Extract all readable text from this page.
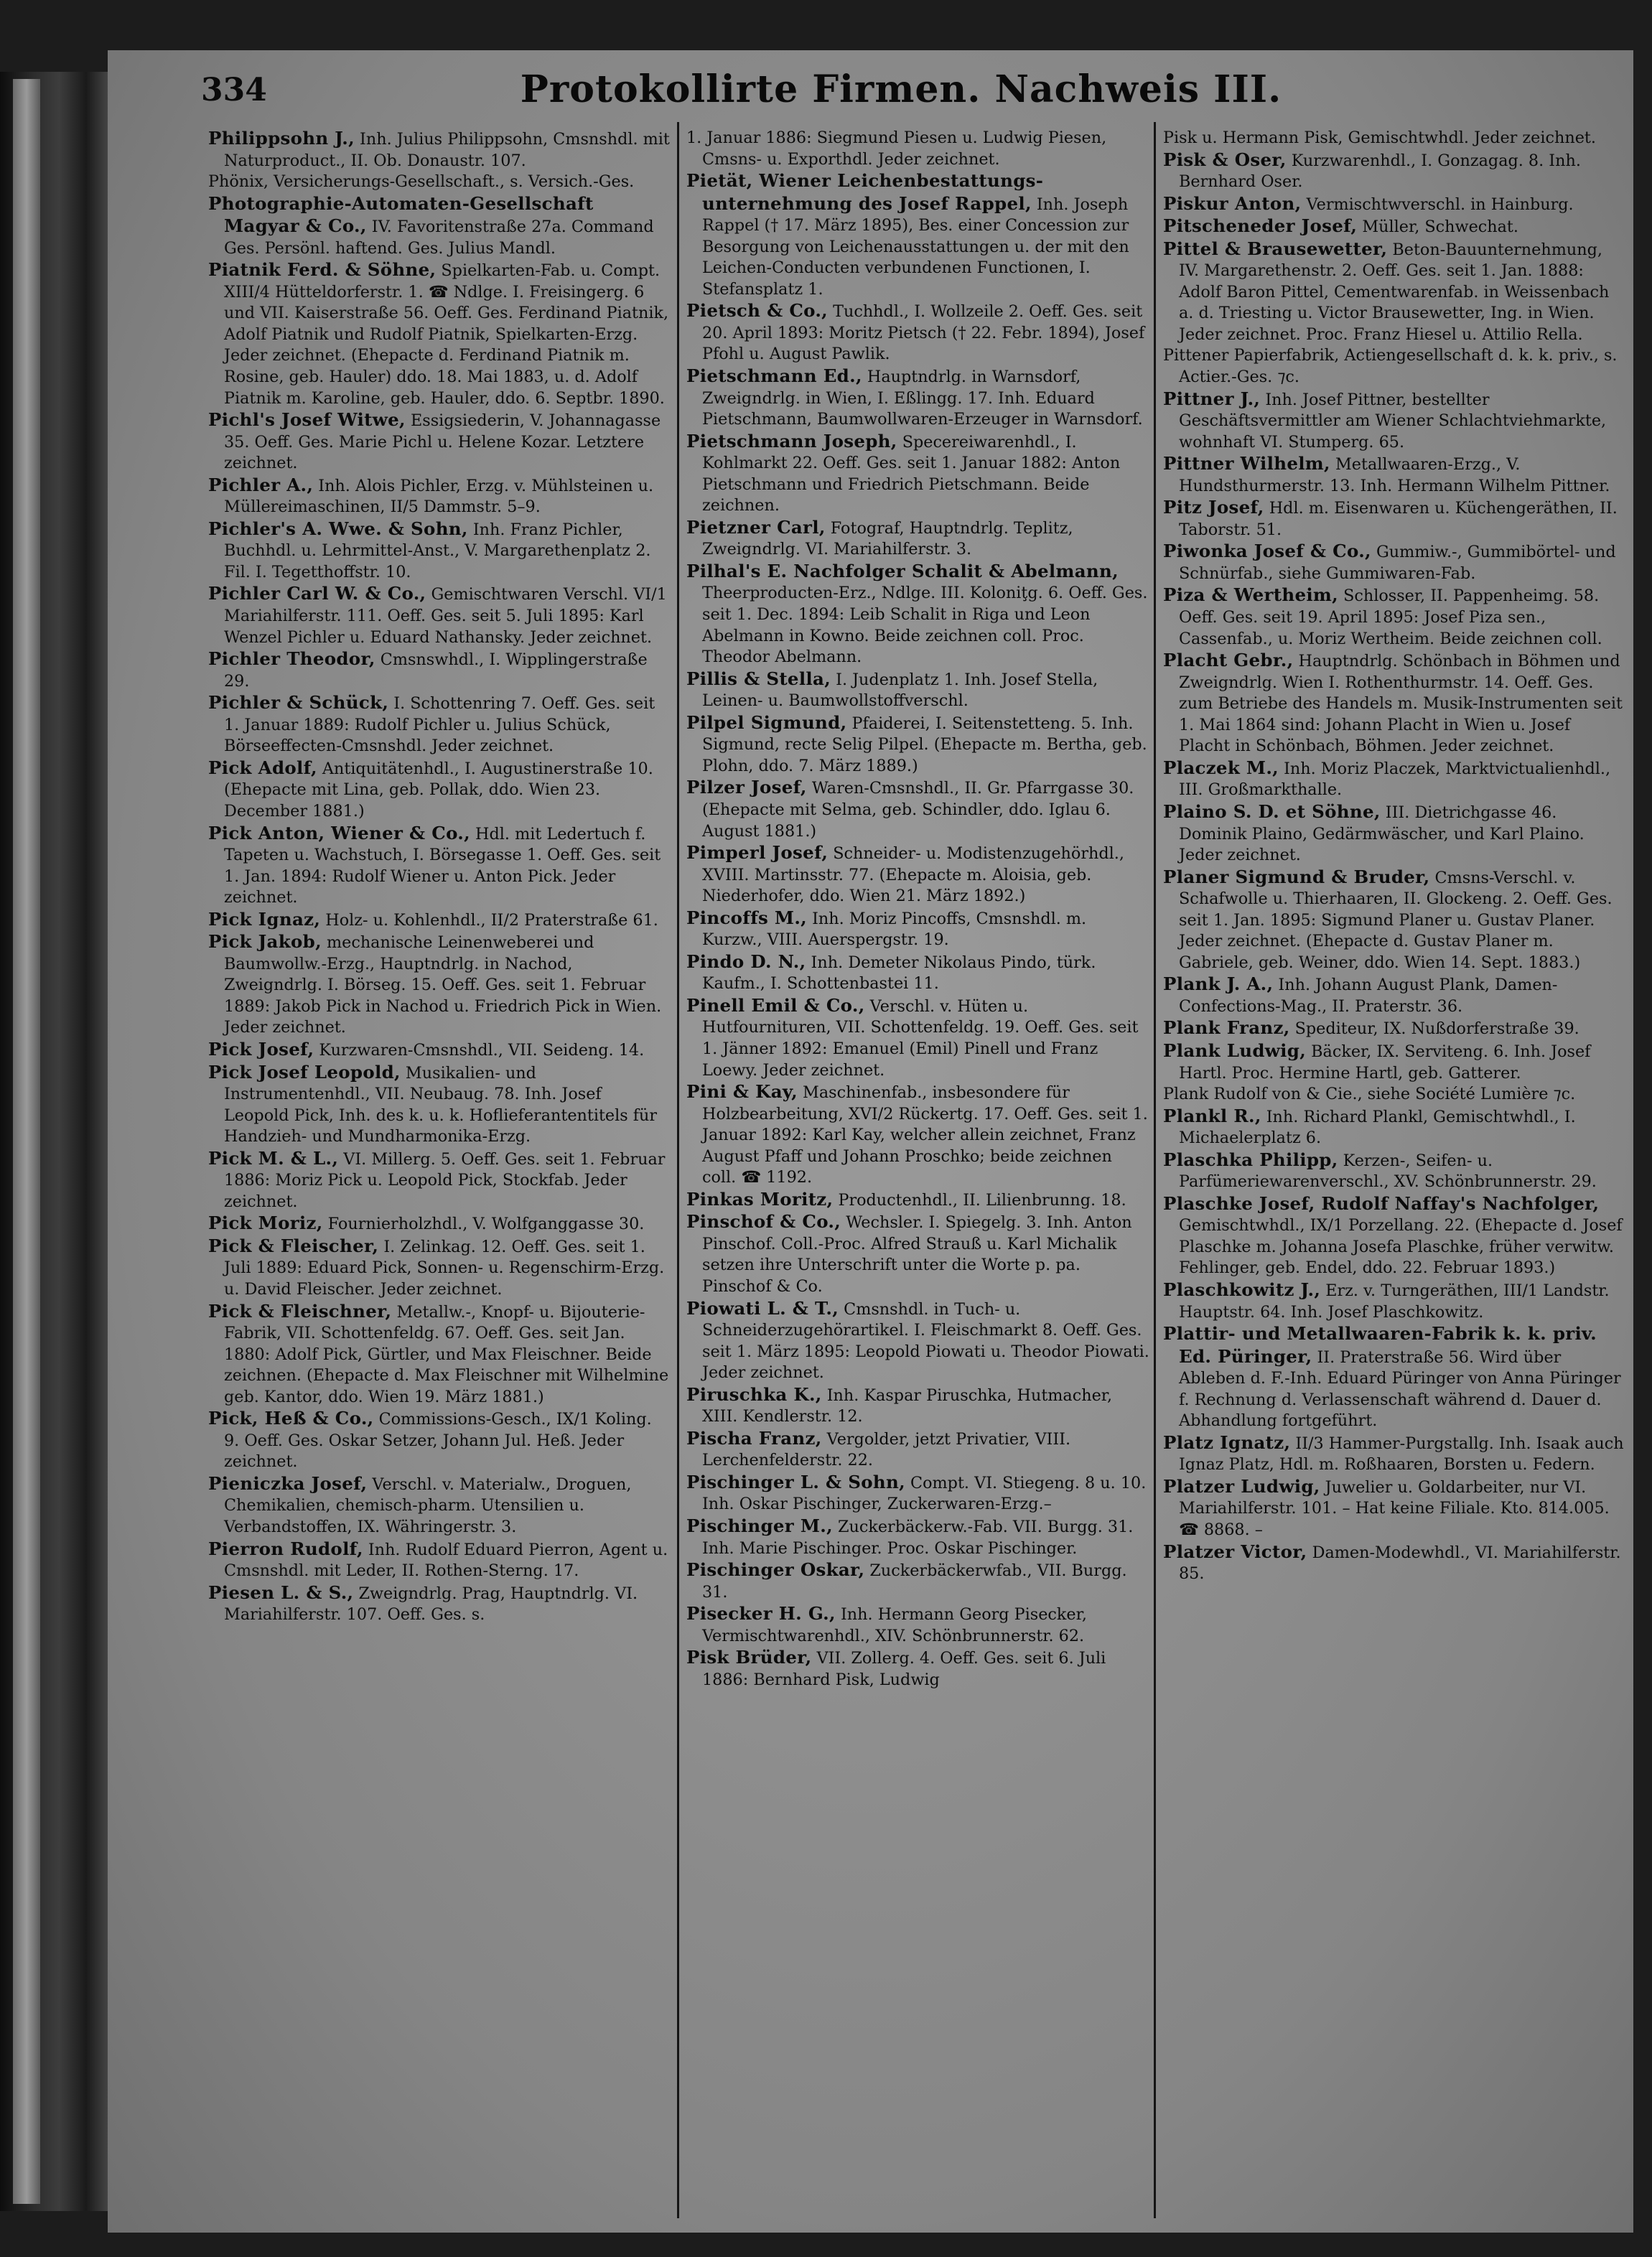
334	Protokollirte Firmen. Nachweis III.

Philippsohn J., Inh. Julius Philippsohn, Cmsnshdl. mit Naturproduct., II. Ob. Donaustr. 107.

Phönix, Versicherungs-Gesellschaft., s. Versich.-Ges.

Photographie-Automaten-Gesellschaft Magyar & Co., IV. Favoritenstraße 27a. Command Ges. Persönl. haftend. Ges. Julius Mandl.

Piatnik Ferd. & Söhne, Spielkarten-Fab. u. Compt. XIII/4 Hütteldorferstr. 1. ☎ Ndlge. I. Freisingerg. 6 und VII. Kaiserstraße 56. Oeff. Ges. Ferdinand Piatnik, Adolf Piatnik und Rudolf Piatnik, Spielkarten-Erzg. Jeder zeichnet. (Ehepacte d. Ferdinand Piatnik m. Rosine, geb. Hauler) ddo. 18. Mai 1883, u. d. Adolf Piatnik m. Karoline, geb. Hauler, ddo. 6. Septbr. 1890.

Pichl's Josef Witwe, Essigsiederin, V. Johannagasse 35. Oeff. Ges. Marie Pichl u. Helene Kozar. Letztere zeichnet.

Pichler A., Inh. Alois Pichler, Erzg. v. Mühlsteinen u. Müllereimaschinen, II/5 Dammstr. 5–9.

Pichler's A. Wwe. & Sohn, Inh. Franz Pichler, Buchhdl. u. Lehrmittel-Anst., V. Margarethenplatz 2. Fil. I. Tegetthoffstr. 10.

Pichler Carl W. & Co., Gemischtwaren Verschl. VI/1 Mariahilferstr. 111. Oeff. Ges. seit 5. Juli 1895: Karl Wenzel Pichler u. Eduard Nathansky. Jeder zeichnet.

Pichler Theodor, Cmsnswhdl., I. Wipplingerstraße 29.

Pichler & Schück, I. Schottenring 7. Oeff. Ges. seit 1. Januar 1889: Rudolf Pichler u. Julius Schück, Börseeffecten-Cmsnshdl. Jeder zeichnet.

Pick Adolf, Antiquitätenhdl., I. Augustinerstraße 10. (Ehepacte mit Lina, geb. Pollak, ddo. Wien 23. December 1881.)

Pick Anton, Wiener & Co., Hdl. mit Ledertuch f. Tapeten u. Wachstuch, I. Börsegasse 1. Oeff. Ges. seit 1. Jan. 1894: Rudolf Wiener u. Anton Pick. Jeder zeichnet.

Pick Ignaz, Holz- u. Kohlenhdl., II/2 Praterstraße 61.

Pick Jakob, mechanische Leinenweberei und Baumwollw.-Erzg., Hauptndrlg. in Nachod, Zweigndrlg. I. Börseg. 15. Oeff. Ges. seit 1. Februar 1889: Jakob Pick in Nachod u. Friedrich Pick in Wien. Jeder zeichnet.

Pick Josef, Kurzwaren-Cmsnshdl., VII. Seideng. 14.

Pick Josef Leopold, Musikalien- und Instrumentenhdl., VII. Neubaug. 78. Inh. Josef Leopold Pick, Inh. des k. u. k. Hoflieferantentitels für Handzieh- und Mundharmonika-Erzg.

Pick M. & L., VI. Millerg. 5. Oeff. Ges. seit 1. Februar 1886: Moriz Pick u. Leopold Pick, Stockfab. Jeder zeichnet.

Pick Moriz, Fournierholzhdl., V. Wolfganggasse 30.

Pick & Fleischer, I. Zelinkag. 12. Oeff. Ges. seit 1. Juli 1889: Eduard Pick, Sonnen- u. Regenschirm-Erzg. u. David Fleischer. Jeder zeichnet.

Pick & Fleischner, Metallw.-, Knopf- u. Bijouterie-Fabrik, VII. Schottenfeldg. 67. Oeff. Ges. seit Jan. 1880: Adolf Pick, Gürtler, und Max Fleischner. Beide zeichnen. (Ehepacte d. Max Fleischner mit Wilhelmine geb. Kantor, ddo. Wien 19. März 1881.)

Pick, Heß & Co., Commissions-Gesch., IX/1 Koling. 9. Oeff. Ges. Oskar Setzer, Johann Jul. Heß. Jeder zeichnet.

Pieniczka Josef, Verschl. v. Materialw., Droguen, Chemikalien, chemisch-pharm. Utensilien u. Verbandstoffen, IX. Währingerstr. 3.

Pierron Rudolf, Inh. Rudolf Eduard Pierron, Agent u. Cmsnshdl. mit Leder, II. Rothen-Sterng. 17.

Piesen L. & S., Zweigndrlg. Prag, Hauptndrlg. VI. Mariahilferstr. 107. Oeff. Ges. s.

1. Januar 1886: Siegmund Piesen u. Ludwig Piesen, Cmsns- u. Exporthdl. Jeder zeichnet.

Pietät, Wiener Leichenbestattungs-unternehmung des Josef Rappel, Inh. Joseph Rappel († 17. März 1895), Bes. einer Concession zur Besorgung von Leichenausstattungen u. der mit den Leichen-Conducten verbundenen Functionen, I. Stefansplatz 1.

Pietsch & Co., Tuchhdl., I. Wollzeile 2. Oeff. Ges. seit 20. April 1893: Moritz Pietsch († 22. Febr. 1894), Josef Pfohl u. August Pawlik.

Pietschmann Ed., Hauptndrlg. in Warnsdorf, Zweigndrlg. in Wien, I. Eßlingg. 17. Inh. Eduard Pietschmann, Baumwollwaren-Erzeuger in Warnsdorf.

Pietschmann Joseph, Specereiwarenhdl., I. Kohlmarkt 22. Oeff. Ges. seit 1. Januar 1882: Anton Pietschmann und Friedrich Pietschmann. Beide zeichnen.

Pietzner Carl, Fotograf, Hauptndrlg. Teplitz, Zweigndrlg. VI. Mariahilferstr. 3.

Pilhal's E. Nachfolger Schalit & Abelmann, Theerproducten-Erz., Ndlge. III. Koloniţg. 6. Oeff. Ges. seit 1. Dec. 1894: Leib Schalit in Riga und Leon Abelmann in Kowno. Beide zeichnen coll. Proc. Theodor Abelmann.

Pillis & Stella, I. Judenplatz 1. Inh. Josef Stella, Leinen- u. Baumwollstoffverschl.

Pilpel Sigmund, Pfaiderei, I. Seitenstetteng. 5. Inh. Sigmund, recte Selig Pilpel. (Ehepacte m. Bertha, geb. Plohn, ddo. 7. März 1889.)

Pilzer Josef, Waren-Cmsnshdl., II. Gr. Pfarrgasse 30. (Ehepacte mit Selma, geb. Schindler, ddo. Iglau 6. August 1881.)

Pimperl Josef, Schneider- u. Modistenzugehörhdl., XVIII. Martinsstr. 77. (Ehepacte m. Aloisia, geb. Niederhofer, ddo. Wien 21. März 1892.)

Pincoffs M., Inh. Moriz Pincoffs, Cmsnshdl. m. Kurzw., VIII. Auerspergstr. 19.

Pindo D. N., Inh. Demeter Nikolaus Pindo, türk. Kaufm., I. Schottenbastei 11.

Pinell Emil & Co., Verschl. v. Hüten u. Hutfournituren, VII. Schottenfeldg. 19. Oeff. Ges. seit 1. Jänner 1892: Emanuel (Emil) Pinell und Franz Loewy. Jeder zeichnet.

Pini & Kay, Maschinenfab., insbesondere für Holzbearbeitung, XVI/2 Rückertg. 17. Oeff. Ges. seit 1. Januar 1892: Karl Kay, welcher allein zeichnet, Franz August Pfaff und Johann Proschko; beide zeichnen coll. ☎ 1192.

Pinkas Moritz, Productenhdl., II. Lilienbrunng. 18.

Pinschof & Co., Wechsler. I. Spiegelg. 3. Inh. Anton Pinschof. Coll.-Proc. Alfred Strauß u. Karl Michalik setzen ihre Unterschrift unter die Worte p. pa. Pinschof & Co.

Piowati L. & T., Cmsnshdl. in Tuch- u. Schneiderzugehörartikel. I. Fleischmarkt 8. Oeff. Ges. seit 1. März 1895: Leopold Piowati u. Theodor Piowati. Jeder zeichnet.

Piruschka K., Inh. Kaspar Piruschka, Hutmacher, XIII. Kendlerstr. 12.

Pischa Franz, Vergolder, jetzt Privatier, VIII. Lerchenfelderstr. 22.

Pischinger L. & Sohn, Compt. VI. Stiegeng. 8 u. 10. Inh. Oskar Pischinger, Zuckerwaren-Erzg.–

Pischinger M., Zuckerbäckerw.-Fab. VII. Burgg. 31. Inh. Marie Pischinger. Proc. Oskar Pischinger.

Pischinger Oskar, Zuckerbäckerwfab., VII. Burgg. 31.

Pisecker H. G., Inh. Hermann Georg Pisecker, Vermischtwarenhdl., XIV. Schönbrunnerstr. 62.

Pisk Brüder, VII. Zollerg. 4. Oeff. Ges. seit 6. Juli 1886: Bernhard Pisk, Ludwig

Pisk u. Hermann Pisk, Gemischtwhdl. Jeder zeichnet.

Pisk & Oser, Kurzwarenhdl., I. Gonzagag. 8. Inh. Bernhard Oser.

Piskur Anton, Vermischtwverschl. in Hainburg.

Pitscheneder Josef, Müller, Schwechat.

Pittel & Brausewetter, Beton-Bauunternehmung, IV. Margarethenstr. 2. Oeff. Ges. seit 1. Jan. 1888: Adolf Baron Pittel, Cementwarenfab. in Weissenbach a. d. Triesting u. Victor Brausewetter, Ing. in Wien. Jeder zeichnet. Proc. Franz Hiesel u. Attilio Rella.

Pittener Papierfabrik, Actiengesellschaft d. k. k. priv., s. Actier.-Ges. ⁊c.

Pittner J., Inh. Josef Pittner, bestellter Geschäftsvermittler am Wiener Schlachtviehmarkte, wohnhaft VI. Stumperg. 65.

Pittner Wilhelm, Metallwaaren-Erzg., V. Hundsthurmerstr. 13. Inh. Hermann Wilhelm Pittner.

Pitz Josef, Hdl. m. Eisenwaren u. Küchengeräthen, II. Taborstr. 51.

Piwonka Josef & Co., Gummiw.-, Gummibörtel- und Schnürfab., siehe Gummiwaren-Fab.

Piza & Wertheim, Schlosser, II. Pappenheimg. 58. Oeff. Ges. seit 19. April 1895: Josef Piza sen., Cassenfab., u. Moriz Wertheim. Beide zeichnen coll.

Placht Gebr., Hauptndrlg. Schönbach in Böhmen und Zweigndrlg. Wien I. Rothenthurmstr. 14. Oeff. Ges. zum Betriebe des Handels m. Musik-Instrumenten seit 1. Mai 1864 sind: Johann Placht in Wien u. Josef Placht in Schönbach, Böhmen. Jeder zeichnet.

Placzek M., Inh. Moriz Placzek, Marktvictualienhdl., III. Großmarkthalle.

Plaino S. D. et Söhne, III. Dietrichgasse 46. Dominik Plaino, Gedärmwäscher, und Karl Plaino. Jeder zeichnet.

Planer Sigmund & Bruder, Cmsns-Verschl. v. Schafwolle u. Thierhaaren, II. Glockeng. 2. Oeff. Ges. seit 1. Jan. 1895: Sigmund Planer u. Gustav Planer. Jeder zeichnet. (Ehepacte d. Gustav Planer m. Gabriele, geb. Weiner, ddo. Wien 14. Sept. 1883.)

Plank J. A., Inh. Johann August Plank, Damen-Confections-Mag., II. Praterstr. 36.

Plank Franz, Spediteur, IX. Nußdorferstraße 39.

Plank Ludwig, Bäcker, IX. Serviteng. 6. Inh. Josef Hartl. Proc. Hermine Hartl, geb. Gatterer.

Plank Rudolf von & Cie., siehe Société Lumière ⁊c.

Plankl R., Inh. Richard Plankl, Gemischtwhdl., I. Michaelerplatz 6.

Plaschka Philipp, Kerzen-, Seifen- u. Parfümeriewarenverschl., XV. Schönbrunnerstr. 29.

Plaschke Josef, Rudolf Naffay's Nachfolger, Gemischtwhdl., IX/1 Porzellang. 22. (Ehepacte d. Josef Plaschke m. Johanna Josefa Plaschke, früher verwitw. Fehlinger, geb. Endel, ddo. 22. Februar 1893.)

Plaschkowitz J., Erz. v. Turngeräthen, III/1 Landstr. Hauptstr. 64. Inh. Josef Plaschkowitz.

Plattir- und Metallwaaren-Fabrik k. k. priv. Ed. Püringer, II. Praterstraße 56. Wird über Ableben d. F.-Inh. Eduard Püringer von Anna Püringer f. Rechnung d. Verlassenschaft während d. Dauer d. Abhandlung fortgeführt.

Platz Ignatz, II/3 Hammer-Purgstallg. Inh. Isaak auch Ignaz Platz, Hdl. m. Roßhaaren, Borsten u. Federn.

Platzer Ludwig, Juwelier u. Goldarbeiter, nur VI. Mariahilferstr. 101. – Hat keine Filiale. Kto. 814.005. ☎ 8868. –

Platzer Victor, Damen-Modewhdl., VI. Mariahilferstr. 85.
